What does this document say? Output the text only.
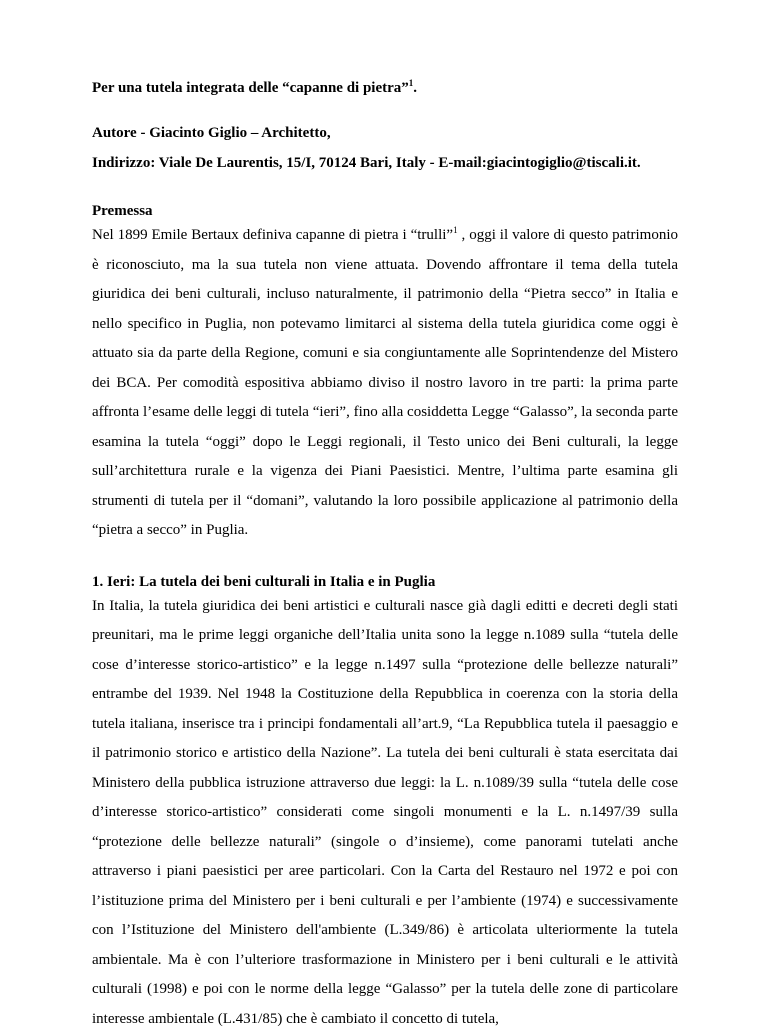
Per una tutela integrata delle “capanne di pietra”$^1$.

Autore - Giacinto Giglio – Architetto,

Indirizzo: Viale De Laurentis, 15/I, 70124 Bari, Italy - E-mail:giacintogiglio@tiscali.it.

Premessa

Nel 1899 Emile Bertaux definiva capanne di pietra i “trulli”$^1$ , oggi il valore di questo patrimonio è riconosciuto, ma la sua tutela non viene attuata. Dovendo affrontare il tema della tutela giuridica dei beni culturali, incluso naturalmente, il patrimonio della “Pietra secco” in Italia e nello specifico in Puglia, non potevamo limitarci al sistema della tutela giuridica come oggi è attuato sia da parte della Regione, comuni e sia congiuntamente alle Soprintendenze del Mistero dei BCA. Per comodità espositiva abbiamo diviso il nostro lavoro in tre parti: la prima parte affronta l’esame delle leggi di tutela “ieri”, fino alla cosiddetta Legge “Galasso”, la seconda parte esamina la tutela “oggi” dopo le Leggi regionali, il Testo unico dei Beni culturali, la legge sull’architettura rurale e la vigenza dei Piani Paesistici. Mentre, l’ultima parte esamina gli strumenti di tutela per il “domani”, valutando la loro possibile applicazione al patrimonio della “pietra a secco” in Puglia.

1. Ieri: La tutela dei beni culturali in Italia e in Puglia

In Italia, la tutela giuridica dei beni artistici e culturali nasce già dagli editti e decreti degli stati preunitari, ma le prime leggi organiche dell’Italia unita sono la legge n.1089 sulla “tutela delle cose d’interesse storico-artistico” e la legge n.1497 sulla “protezione delle bellezze naturali” entrambe del 1939. Nel 1948 la Costituzione della Repubblica in coerenza con la storia della tutela italiana, inserisce tra i principi fondamentali all’art.9, “La Repubblica tutela il paesaggio e il patrimonio storico e artistico della Nazione”. La tutela dei beni culturali è stata esercitata dai Ministero della pubblica istruzione attraverso due leggi: la L. n.1089/39 sulla “tutela delle cose d’interesse storico-artistico” considerati come singoli monumenti e la L. n.1497/39 sulla “protezione delle bellezze naturali” (singole o d’insieme), come panorami tutelati anche attraverso i piani paesistici per aree particolari. Con la Carta del Restauro nel 1972 e poi con l’istituzione prima del Ministero per i beni culturali e per l’ambiente (1974) e successivamente con l’Istituzione del Ministero dell'ambiente (L.349/86) è articolata ulteriormente la tutela ambientale. Ma è con l’ulteriore trasformazione in Ministero per i beni culturali e le attività culturali (1998) e poi con le norme della legge “Galasso” per la tutela delle zone di particolare interesse ambientale (L.431/85) che è cambiato il concetto di tutela,
